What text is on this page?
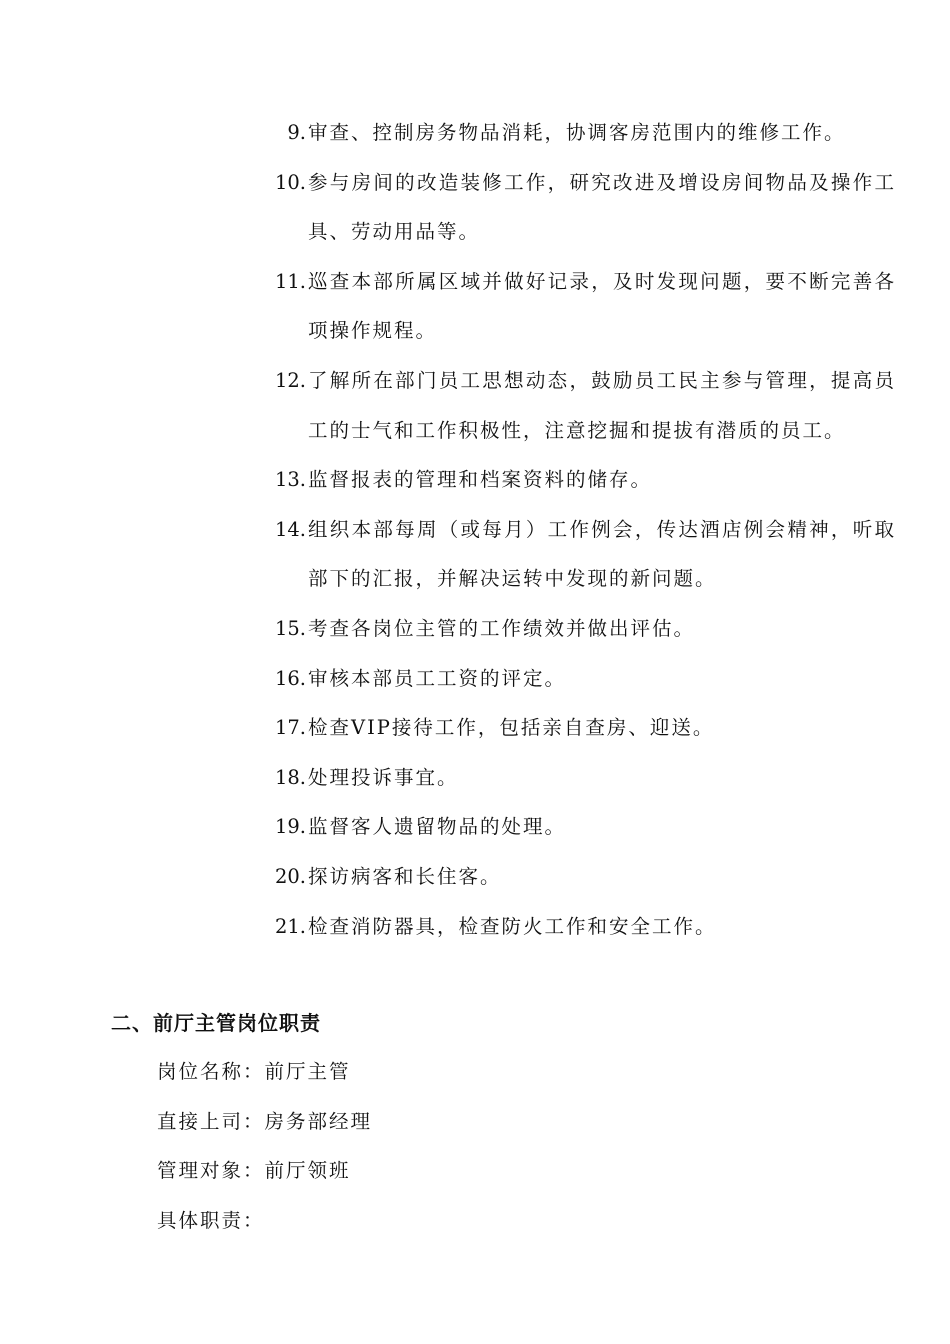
9. 审查、控制房务物品消耗，协调客房范围内的维修工作。
10. 参与房间的改造装修工作，研究改进及增设房间物品及操作工具、劳动用品等。
11. 巡查本部所属区域并做好记录，及时发现问题，要不断完善各项操作规程。
12. 了解所在部门员工思想动态，鼓励员工民主参与管理，提高员工的士气和工作积极性，注意挖掘和提拔有潜质的员工。
13. 监督报表的管理和档案资料的储存。
14. 组织本部每周（或每月）工作例会，传达酒店例会精神，听取部下的汇报，并解决运转中发现的新问题。
15. 考查各岗位主管的工作绩效并做出评估。
16. 审核本部员工工资的评定。
17. 检查VIP接待工作，包括亲自查房、迎送。
18. 处理投诉事宜。
19. 监督客人遗留物品的处理。
20. 探访病客和长住客。
21. 检查消防器具，检查防火工作和安全工作。
二、前厅主管岗位职责
岗位名称：前厅主管
直接上司：房务部经理
管理对象：前厅领班
具体职责：
